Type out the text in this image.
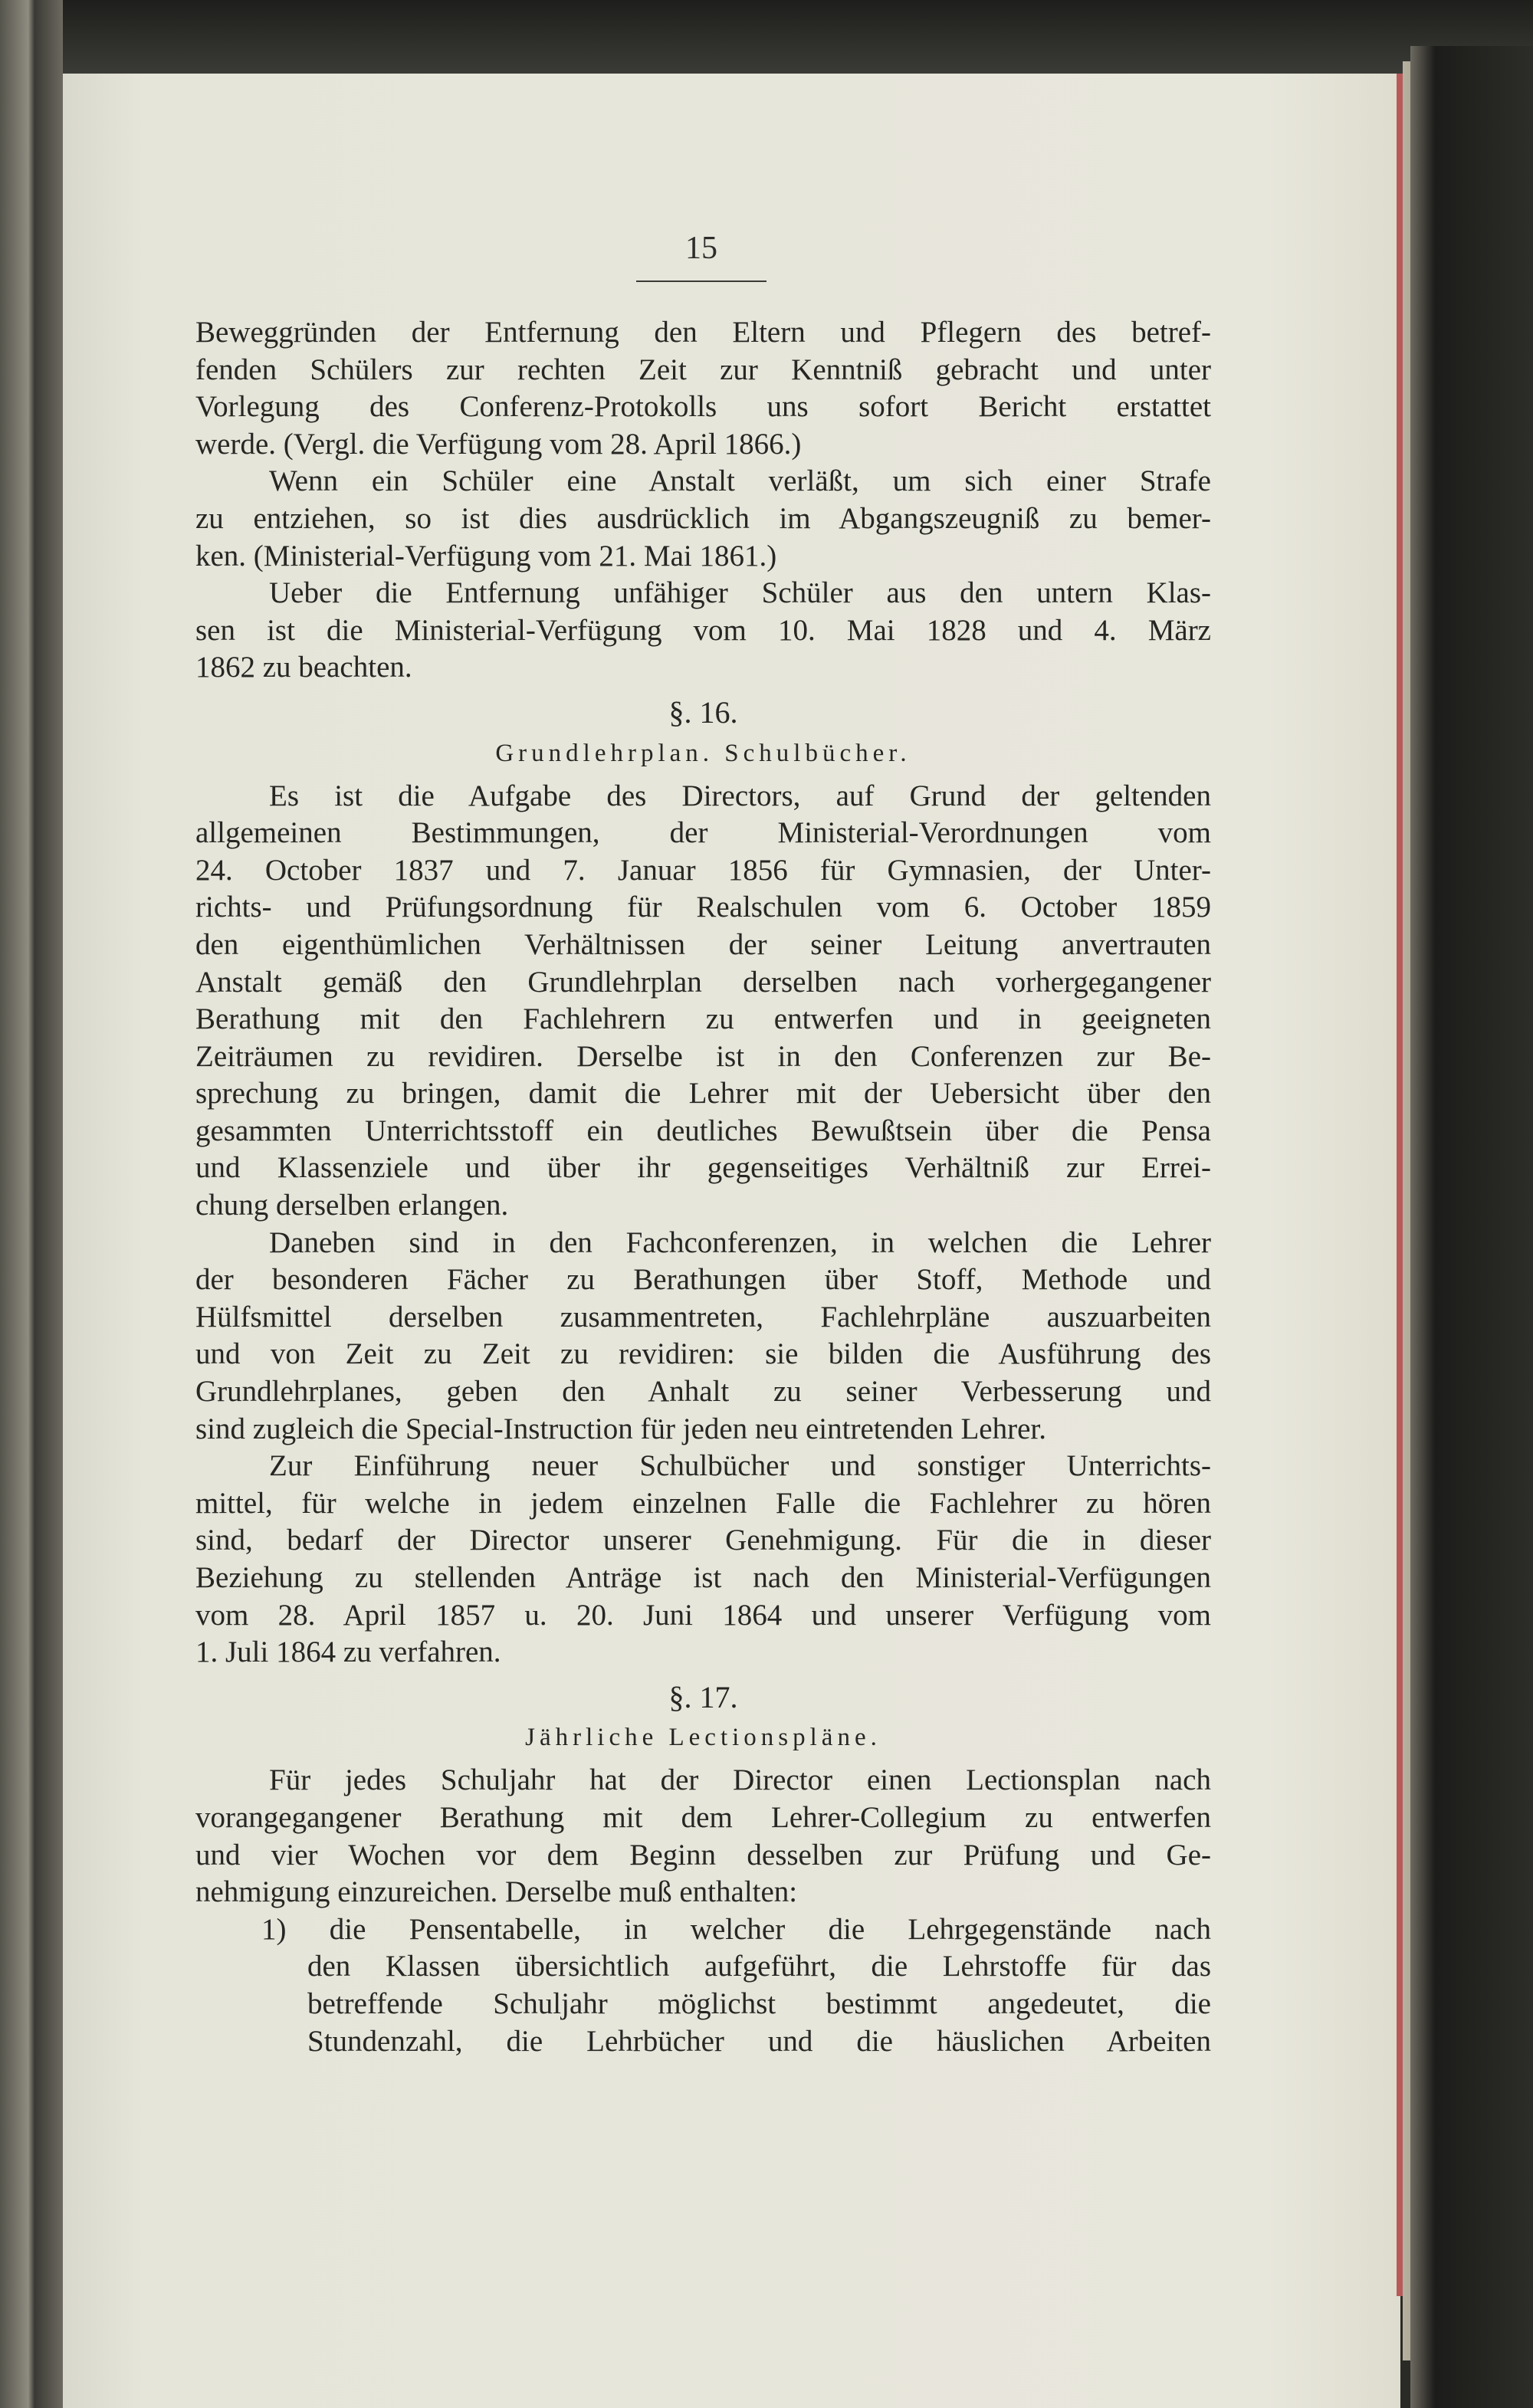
15
Beweggründen der Entfernung den Eltern und Pflegern des betref-
fenden Schülers zur rechten Zeit zur Kenntniß gebracht und unter
Vorlegung des Conferenz-Protokolls uns sofort Bericht erstattet
werde. (Vergl. die Verfügung vom 28. April 1866.)
Wenn ein Schüler eine Anstalt verläßt, um sich einer Strafe
zu entziehen, so ist dies ausdrücklich im Abgangszeugniß zu bemer-
ken. (Ministerial-Verfügung vom 21. Mai 1861.)
Ueber die Entfernung unfähiger Schüler aus den untern Klas-
sen ist die Ministerial-Verfügung vom 10. Mai 1828 und 4. März
1862 zu beachten.
§. 16.
Grundlehrplan. Schulbücher.
Es ist die Aufgabe des Directors, auf Grund der geltenden
allgemeinen Bestimmungen, der Ministerial-Verordnungen vom
24. October 1837 und 7. Januar 1856 für Gymnasien, der Unter-
richts- und Prüfungsordnung für Realschulen vom 6. October 1859
den eigenthümlichen Verhältnissen der seiner Leitung anvertrauten
Anstalt gemäß den Grundlehrplan derselben nach vorhergegangener
Berathung mit den Fachlehrern zu entwerfen und in geeigneten
Zeiträumen zu revidiren. Derselbe ist in den Conferenzen zur Be-
sprechung zu bringen, damit die Lehrer mit der Uebersicht über den
gesammten Unterrichtsstoff ein deutliches Bewußtsein über die Pensa
und Klassenziele und über ihr gegenseitiges Verhältniß zur Errei-
chung derselben erlangen.
Daneben sind in den Fachconferenzen, in welchen die Lehrer
der besonderen Fächer zu Berathungen über Stoff, Methode und
Hülfsmittel derselben zusammentreten, Fachlehrpläne auszuarbeiten
und von Zeit zu Zeit zu revidiren: sie bilden die Ausführung des
Grundlehrplanes, geben den Anhalt zu seiner Verbesserung und
sind zugleich die Special-Instruction für jeden neu eintretenden Lehrer.
Zur Einführung neuer Schulbücher und sonstiger Unterrichts-
mittel, für welche in jedem einzelnen Falle die Fachlehrer zu hören
sind, bedarf der Director unserer Genehmigung. Für die in dieser
Beziehung zu stellenden Anträge ist nach den Ministerial-Verfügungen
vom 28. April 1857 u. 20. Juni 1864 und unserer Verfügung vom
1. Juli 1864 zu verfahren.
§. 17.
Jährliche Lectionspläne.
Für jedes Schuljahr hat der Director einen Lectionsplan nach
vorangegangener Berathung mit dem Lehrer-Collegium zu entwerfen
und vier Wochen vor dem Beginn desselben zur Prüfung und Ge-
nehmigung einzureichen. Derselbe muß enthalten:
1) die Pensentabelle, in welcher die Lehrgegenstände nach
den Klassen übersichtlich aufgeführt, die Lehrstoffe für das
betreffende Schuljahr möglichst bestimmt angedeutet, die
Stundenzahl, die Lehrbücher und die häuslichen Arbeiten
